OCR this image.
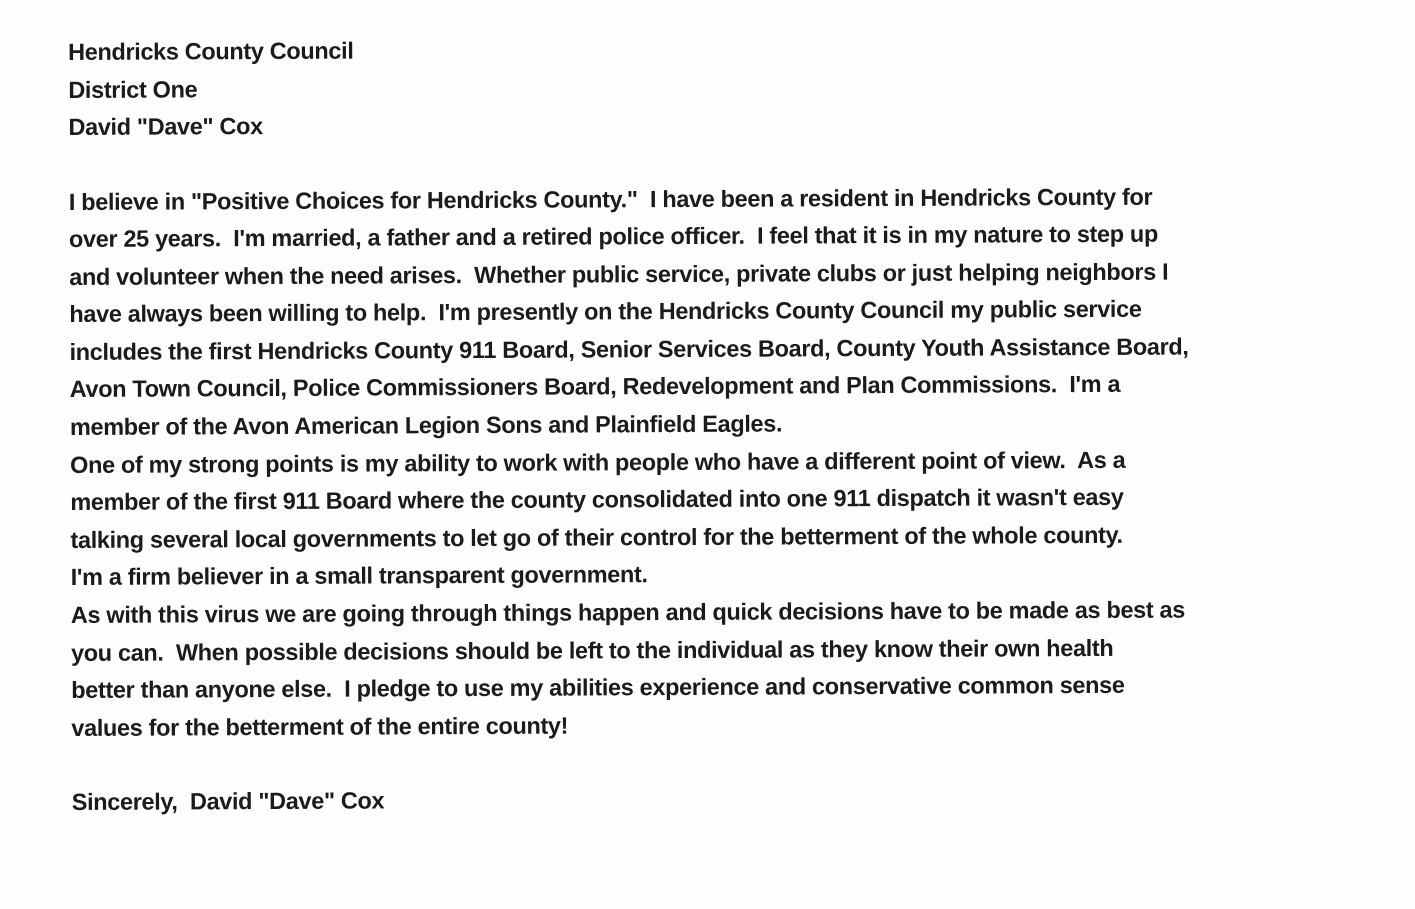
Hendricks County Council
District One
David "Dave" Cox
I believe in "Positive Choices for Hendricks County."  I have been a resident in Hendricks County for
over 25 years.  I'm married, a father and a retired police officer.  I feel that it is in my nature to step up
and volunteer when the need arises.  Whether public service, private clubs or just helping neighbors I
have always been willing to help.  I'm presently on the Hendricks County Council my public service
includes the first Hendricks County 911 Board, Senior Services Board, County Youth Assistance Board,
Avon Town Council, Police Commissioners Board, Redevelopment and Plan Commissions.  I'm a
member of the Avon American Legion Sons and Plainfield Eagles.
One of my strong points is my ability to work with people who have a different point of view.  As a
member of the first 911 Board where the county consolidated into one 911 dispatch it wasn't easy
talking several local governments to let go of their control for the betterment of the whole county.
I'm a firm believer in a small transparent government.
As with this virus we are going through things happen and quick decisions have to be made as best as
you can.  When possible decisions should be left to the individual as they know their own health
better than anyone else.  I pledge to use my abilities experience and conservative common sense
values for the betterment of the entire county!
Sincerely,  David "Dave" Cox
